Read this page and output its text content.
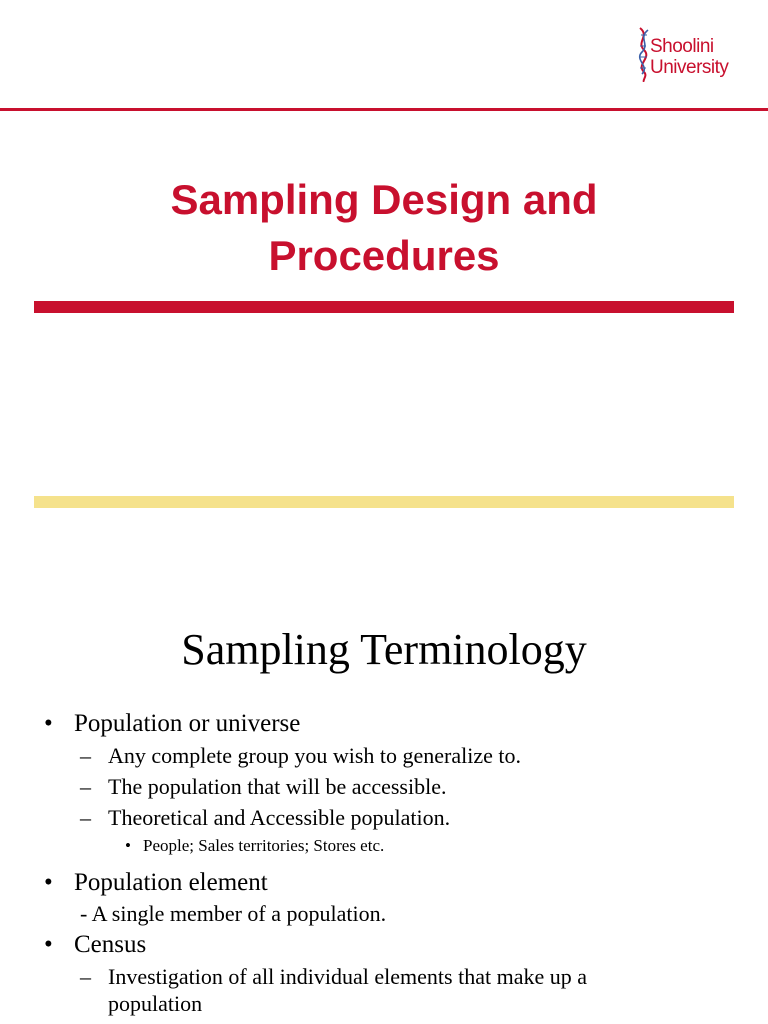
Shoolini
University
Sampling Design and
Procedures
Sampling Terminology
• Population or universe
– Any complete group you wish to generalize to.
– The population that will be accessible.
– Theoretical and Accessible population.
• People; Sales territories; Stores etc.
• Population element
- A single member of a population.
• Census
– Investigation of all individual elements that make up a
population
